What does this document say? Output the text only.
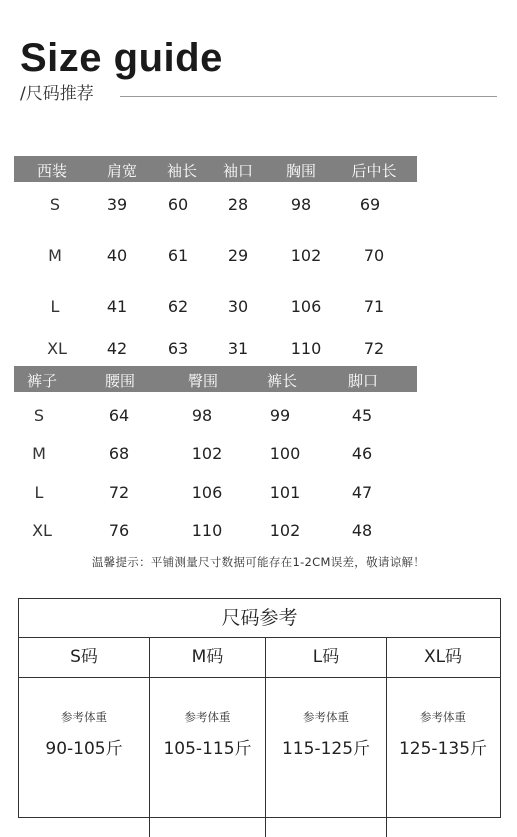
Size guide
/尺码推荐
西装	肩宽 袖长 袖口 胸围 后中长
S	39	60 28	98	69
M	40	61 29	102	70
L	41	62 30	106	71
XL 42	63 31	110	72
裤子	腰围	臀围	裤长	脚口
S	64	98	99	45
M	68	102	100	46
L	72	106	101	47
XL	76	110	102	48
温馨提示：平铺测量尺寸数据可能存在1-2CM误差，敬请谅解！
尺码参考
S码	M码	L码	XL码
参考体重	参考体重	参考体重	参考体重
90-105斤	105-115斤	115-125斤	125-135斤
